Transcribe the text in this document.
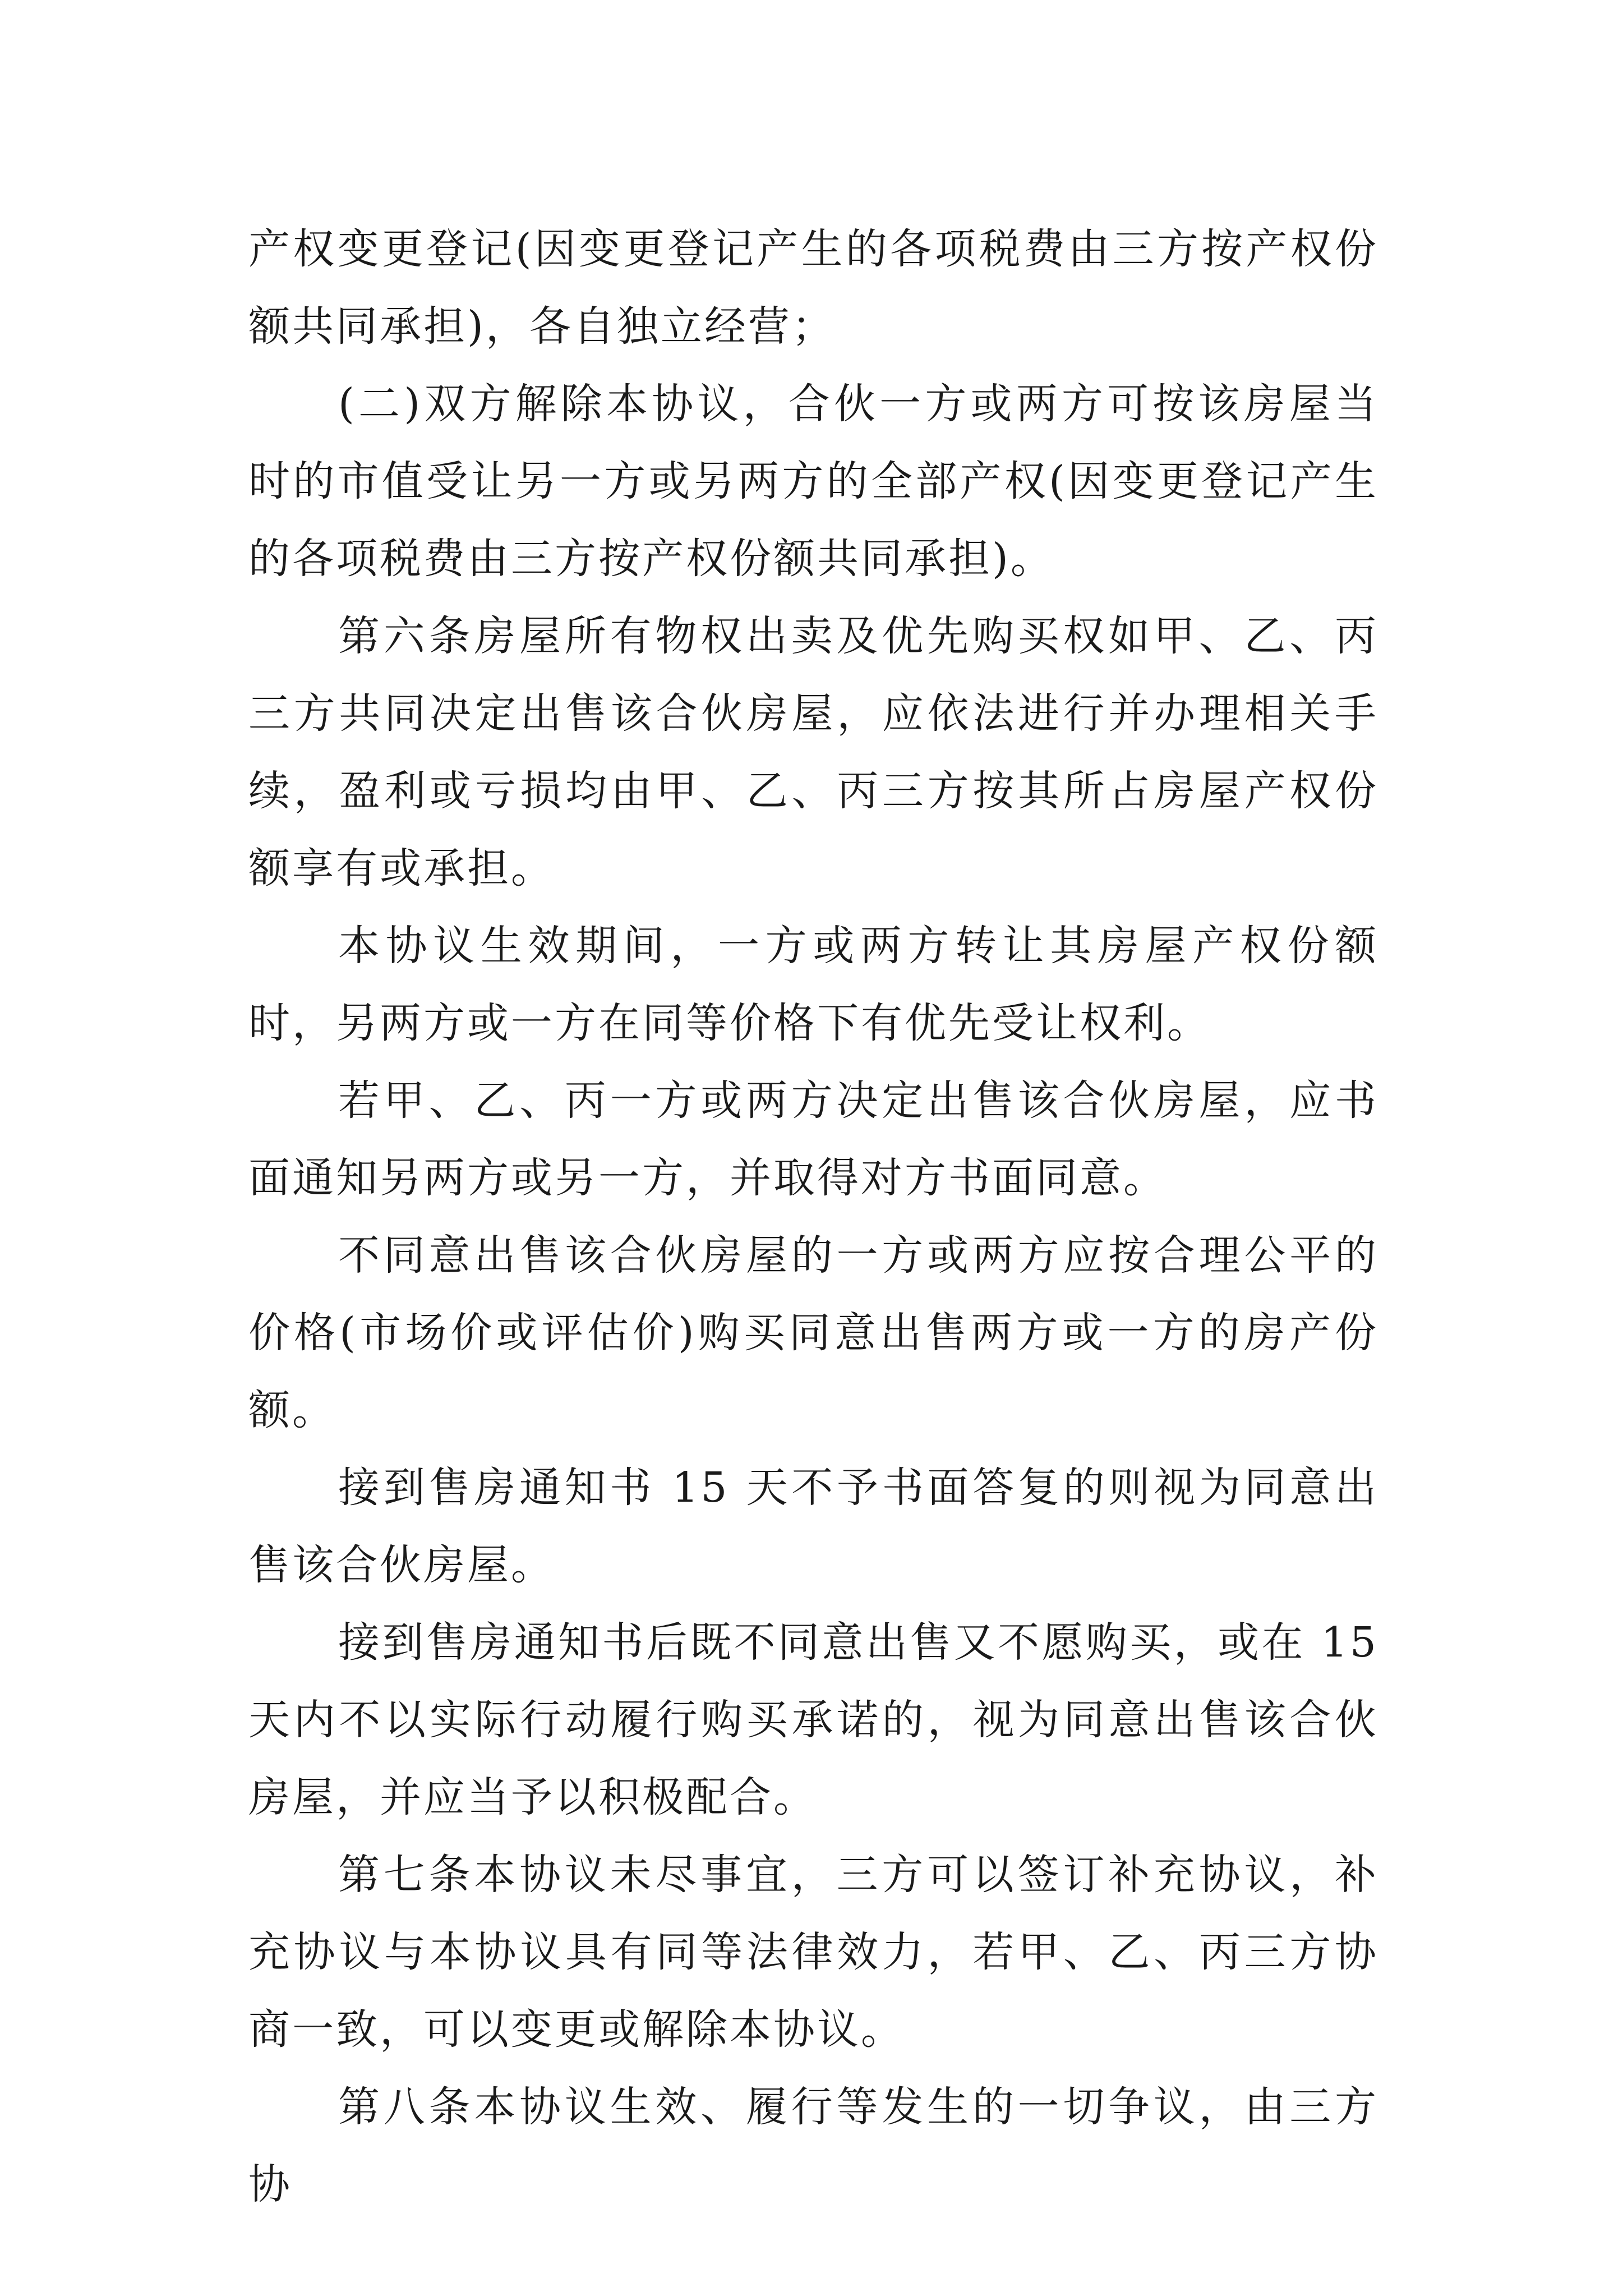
产权变更登记(因变更登记产生的各项税费由三方按产权份额共同承担)，各自独立经营；

(二)双方解除本协议，合伙一方或两方可按该房屋当时的市值受让另一方或另两方的全部产权(因变更登记产生的各项税费由三方按产权份额共同承担)。

第六条房屋所有物权出卖及优先购买权如甲、乙、丙三方共同决定出售该合伙房屋，应依法进行并办理相关手续，盈利或亏损均由甲、乙、丙三方按其所占房屋产权份额享有或承担。

本协议生效期间，一方或两方转让其房屋产权份额时，另两方或一方在同等价格下有优先受让权利。

若甲、乙、丙一方或两方决定出售该合伙房屋，应书面通知另两方或另一方，并取得对方书面同意。

不同意出售该合伙房屋的一方或两方应按合理公平的价格(市场价或评估价)购买同意出售两方或一方的房产份额。

接到售房通知书 15 天不予书面答复的则视为同意出售该合伙房屋。

接到售房通知书后既不同意出售又不愿购买，或在 15 天内不以实际行动履行购买承诺的，视为同意出售该合伙房屋，并应当予以积极配合。

第七条本协议未尽事宜，三方可以签订补充协议，补充协议与本协议具有同等法律效力，若甲、乙、丙三方协商一致，可以变更或解除本协议。

第八条本协议生效、履行等发生的一切争议，由三方协
